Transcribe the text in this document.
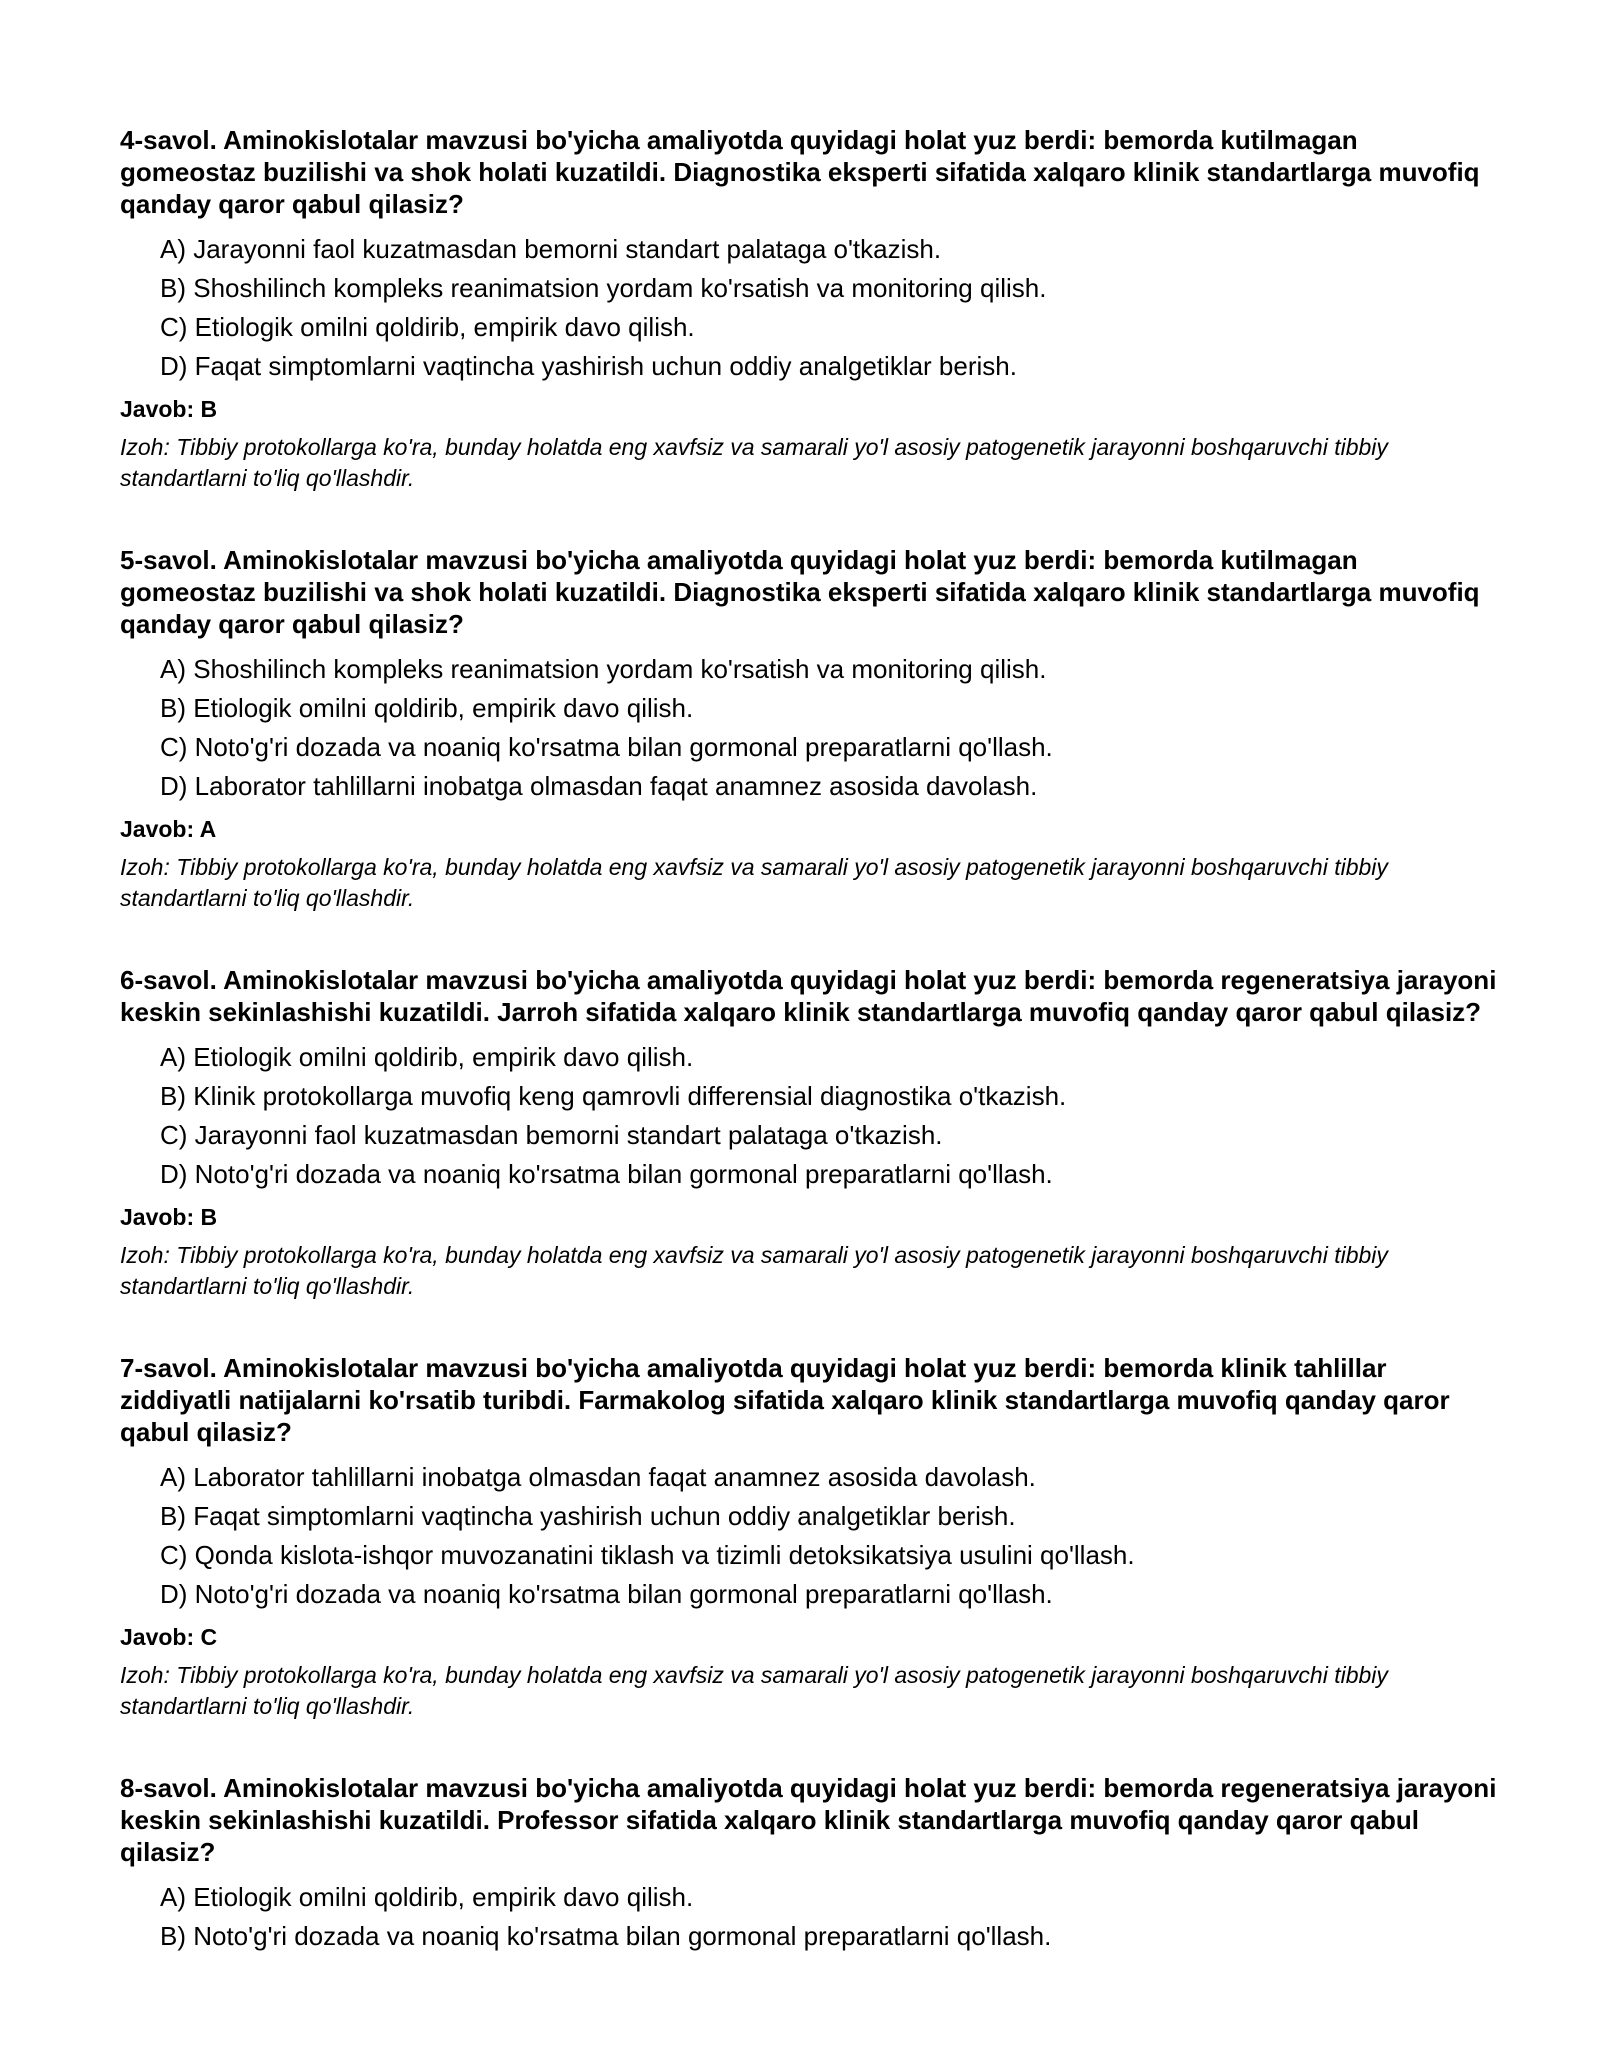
4-savol. Aminokislotalar mavzusi bo'yicha amaliyotda quyidagi holat yuz berdi: bemorda kutilmagan gomeostaz buzilishi va shok holati kuzatildi. Diagnostika eksperti sifatida xalqaro klinik standartlarga muvofiq qanday qaror qabul qilasiz?

A) Jarayonni faol kuzatmasdan bemorni standart palataga o'tkazish.
B) Shoshilinch kompleks reanimatsion yordam ko'rsatish va monitoring qilish.
C) Etiologik omilni qoldirib, empirik davo qilish.
D) Faqat simptomlarni vaqtincha yashirish uchun oddiy analgetiklar berish.

Javob: B

Izoh: Tibbiy protokollarga ko'ra, bunday holatda eng xavfsiz va samarali yo'l asosiy patogenetik jarayonni boshqaruvchi tibbiy standartlarni to'liq qo'llashdir.

5-savol. Aminokislotalar mavzusi bo'yicha amaliyotda quyidagi holat yuz berdi: bemorda kutilmagan gomeostaz buzilishi va shok holati kuzatildi. Diagnostika eksperti sifatida xalqaro klinik standartlarga muvofiq qanday qaror qabul qilasiz?

A) Shoshilinch kompleks reanimatsion yordam ko'rsatish va monitoring qilish.
B) Etiologik omilni qoldirib, empirik davo qilish.
C) Noto'g'ri dozada va noaniq ko'rsatma bilan gormonal preparatlarni qo'llash.
D) Laborator tahlillarni inobatga olmasdan faqat anamnez asosida davolash.

Javob: A

Izoh: Tibbiy protokollarga ko'ra, bunday holatda eng xavfsiz va samarali yo'l asosiy patogenetik jarayonni boshqaruvchi tibbiy standartlarni to'liq qo'llashdir.

6-savol. Aminokislotalar mavzusi bo'yicha amaliyotda quyidagi holat yuz berdi: bemorda regeneratsiya jarayoni keskin sekinlashishi kuzatildi. Jarroh sifatida xalqaro klinik standartlarga muvofiq qanday qaror qabul qilasiz?

A) Etiologik omilni qoldirib, empirik davo qilish.
B) Klinik protokollarga muvofiq keng qamrovli differensial diagnostika o'tkazish.
C) Jarayonni faol kuzatmasdan bemorni standart palataga o'tkazish.
D) Noto'g'ri dozada va noaniq ko'rsatma bilan gormonal preparatlarni qo'llash.

Javob: B

Izoh: Tibbiy protokollarga ko'ra, bunday holatda eng xavfsiz va samarali yo'l asosiy patogenetik jarayonni boshqaruvchi tibbiy standartlarni to'liq qo'llashdir.

7-savol. Aminokislotalar mavzusi bo'yicha amaliyotda quyidagi holat yuz berdi: bemorda klinik tahlillar ziddiyatli natijalarni ko'rsatib turibdi. Farmakolog sifatida xalqaro klinik standartlarga muvofiq qanday qaror qabul qilasiz?

A) Laborator tahlillarni inobatga olmasdan faqat anamnez asosida davolash.
B) Faqat simptomlarni vaqtincha yashirish uchun oddiy analgetiklar berish.
C) Qonda kislota-ishqor muvozanatini tiklash va tizimli detoksikatsiya usulini qo'llash.
D) Noto'g'ri dozada va noaniq ko'rsatma bilan gormonal preparatlarni qo'llash.

Javob: C

Izoh: Tibbiy protokollarga ko'ra, bunday holatda eng xavfsiz va samarali yo'l asosiy patogenetik jarayonni boshqaruvchi tibbiy standartlarni to'liq qo'llashdir.

8-savol. Aminokislotalar mavzusi bo'yicha amaliyotda quyidagi holat yuz berdi: bemorda regeneratsiya jarayoni keskin sekinlashishi kuzatildi. Professor sifatida xalqaro klinik standartlarga muvofiq qanday qaror qabul qilasiz?

A) Etiologik omilni qoldirib, empirik davo qilish.
B) Noto'g'ri dozada va noaniq ko'rsatma bilan gormonal preparatlarni qo'llash.
